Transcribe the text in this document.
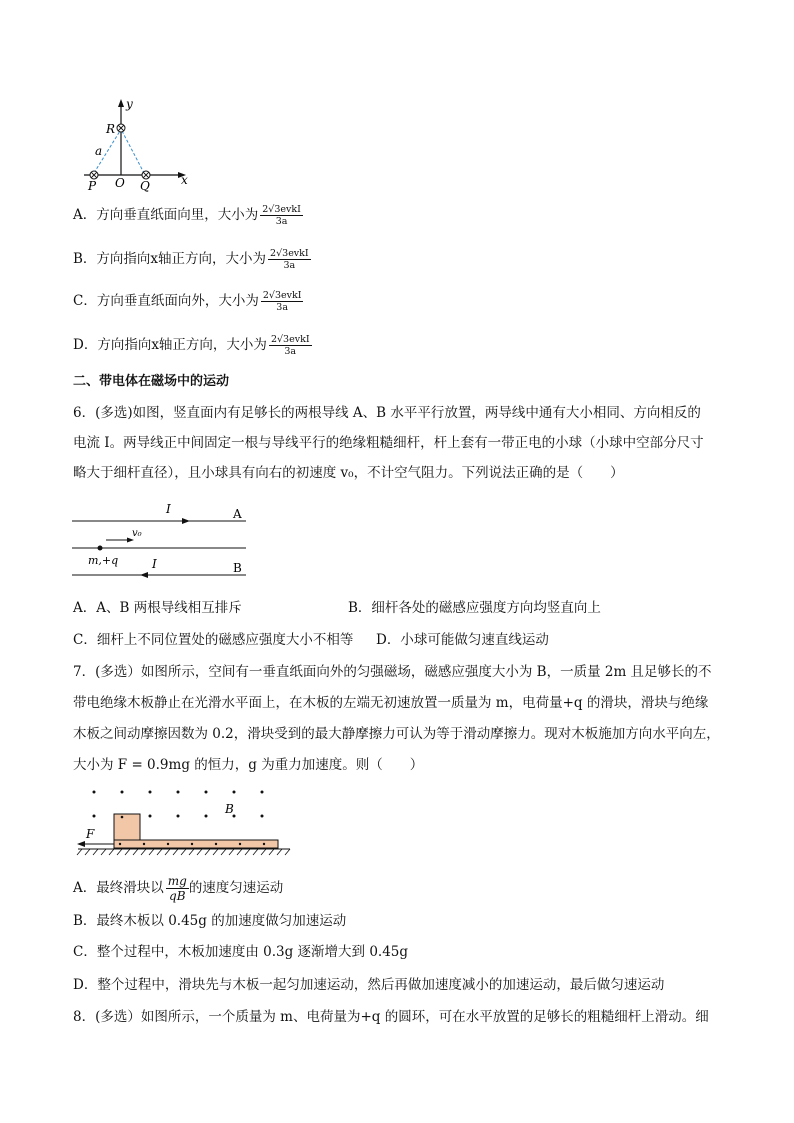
y
x
R
a
P O Q
A．方向垂直纸面向里，大小为 $\frac{\text{2√3evkI}}{3a}$
B．方向指向x轴正方向，大小为 $\frac{\text{2√3evkI}}{3a}$
C．方向垂直纸面向外，大小为 $\frac{\text{2√3evkI}}{3a}$
D．方向指向x轴正方向，大小为 $\frac{\text{2√3evkI}}{3a}$
二、带电体在磁场中的运动
6．(多选)如图，竖直面内有足够长的两根导线 A、B 水平平行放置，两导线中通有大小相同、方向相反的
电流 I。两导线正中间固定一根与导线平行的绝缘粗糙细杆，杆上套有一带正电的小球（小球中空部分尺寸
略大于细杆直径），且小球具有向右的初速度 v₀，不计空气阻力。下列说法正确的是（　　）
I	A
v₀
m,+q	I	B
A．A、B 两根导线相互排斥	B．细杆各处的磁感应强度方向均竖直向上
C．细杆上不同位置处的磁感应强度大小不相等 D．小球可能做匀速直线运动
7．(多选）如图所示，空间有一垂直纸面向外的匀强磁场，磁感应强度大小为 B，一质量 2m 且足够长的不
带电绝缘木板静止在光滑水平面上，在木板的左端无初速放置一质量为 m，电荷量+q 的滑块，滑块与绝缘
木板之间动摩擦因数为 0.2，滑块受到的最大静摩擦力可认为等于滑动摩擦力。现对木板施加方向水平向左，
大小为 F = 0.9mg 的恒力，g 为重力加速度。则（　　）
B
F
A．最终滑块以 $\frac{mg}{qB}$ 的速度匀速运动
B．最终木板以 0.45g 的加速度做匀加速运动
C．整个过程中，木板加速度由 0.3g 逐渐增大到 0.45g
D．整个过程中，滑块先与木板一起匀加速运动，然后再做加速度减小的加速运动，最后做匀速运动
8．(多选）如图所示，一个质量为 m、电荷量为+q 的圆环，可在水平放置的足够长的粗糙细杆上滑动。细
